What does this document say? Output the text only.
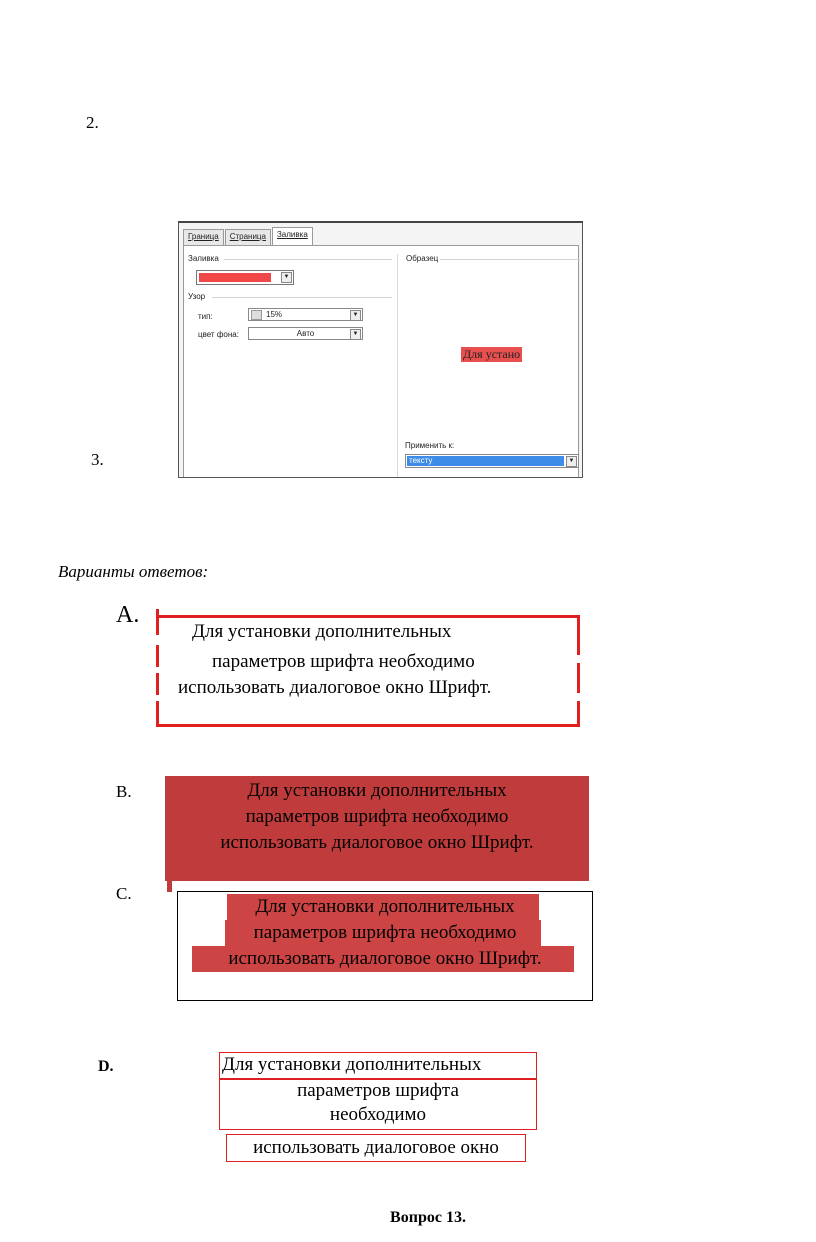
2.
3.
Граница	Страница	Заливка
Заливка
▼
Узор
тип:	15%	▼
цвет фона:	Авто	▼
Образец
Для устано
Применить к:
тексту	▼
Варианты ответов:
A.
Для установки дополнительных
параметров шрифта необходимо
использовать диалоговое окно Шрифт.
B.	Для установки дополнительных
параметров шрифта необходимо
использовать диалоговое окно Шрифт.
C.
Для установки дополнительных
параметров шрифта необходимо
использовать диалоговое окно Шрифт.
D.	Для установки дополнительных
параметров шрифта
необходимо
использовать диалоговое окно
Вопрос 13.
